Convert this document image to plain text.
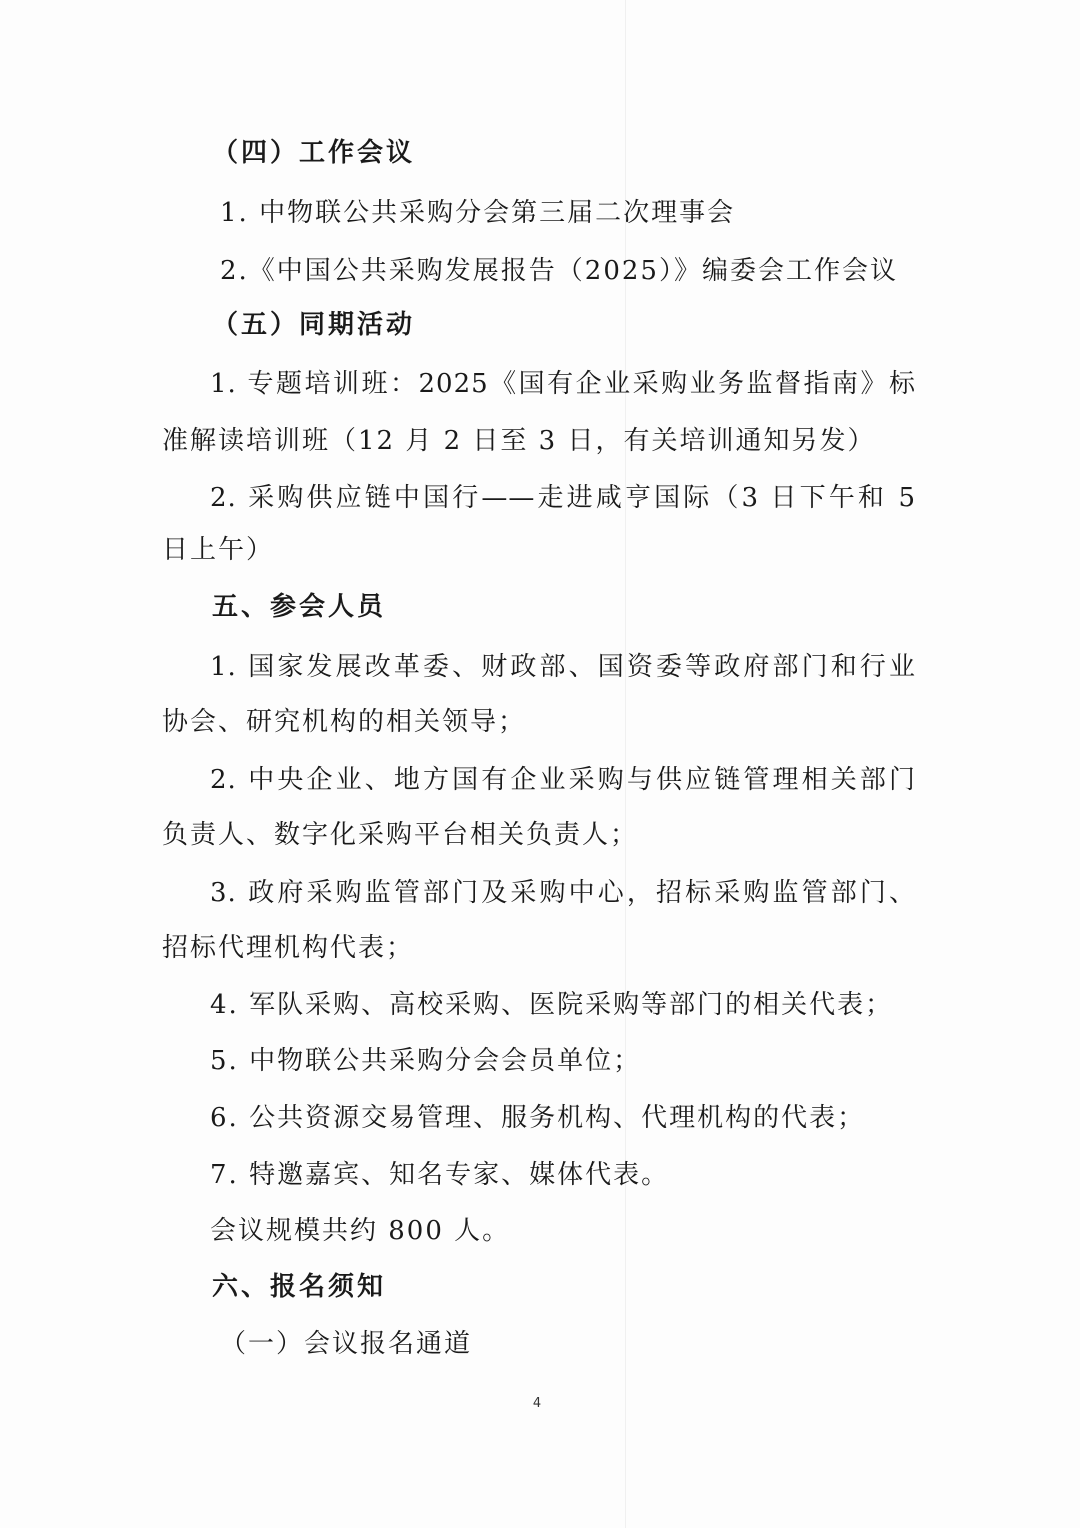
（四）工作会议
1. 中物联公共采购分会第三届二次理事会
2.《中国公共采购发展报告（2025）》编委会工作会议
（五）同期活动
1. 专题培训班：2025《国有企业采购业务监督指南》标
准解读培训班（12 月 2 日至 3 日，有关培训通知另发）
2. 采购供应链中国行——走进咸亨国际（3 日下午和 5
日上午）
五、参会人员
1. 国家发展改革委、财政部、国资委等政府部门和行业
协会、研究机构的相关领导；
2. 中央企业、地方国有企业采购与供应链管理相关部门
负责人、数字化采购平台相关负责人；
3. 政府采购监管部门及采购中心，招标采购监管部门、
招标代理机构代表；
4. 军队采购、高校采购、医院采购等部门的相关代表；
5. 中物联公共采购分会会员单位；
6. 公共资源交易管理、服务机构、代理机构的代表；
7. 特邀嘉宾、知名专家、媒体代表。
会议规模共约 800 人。
六、报名须知
（一）会议报名通道
4
